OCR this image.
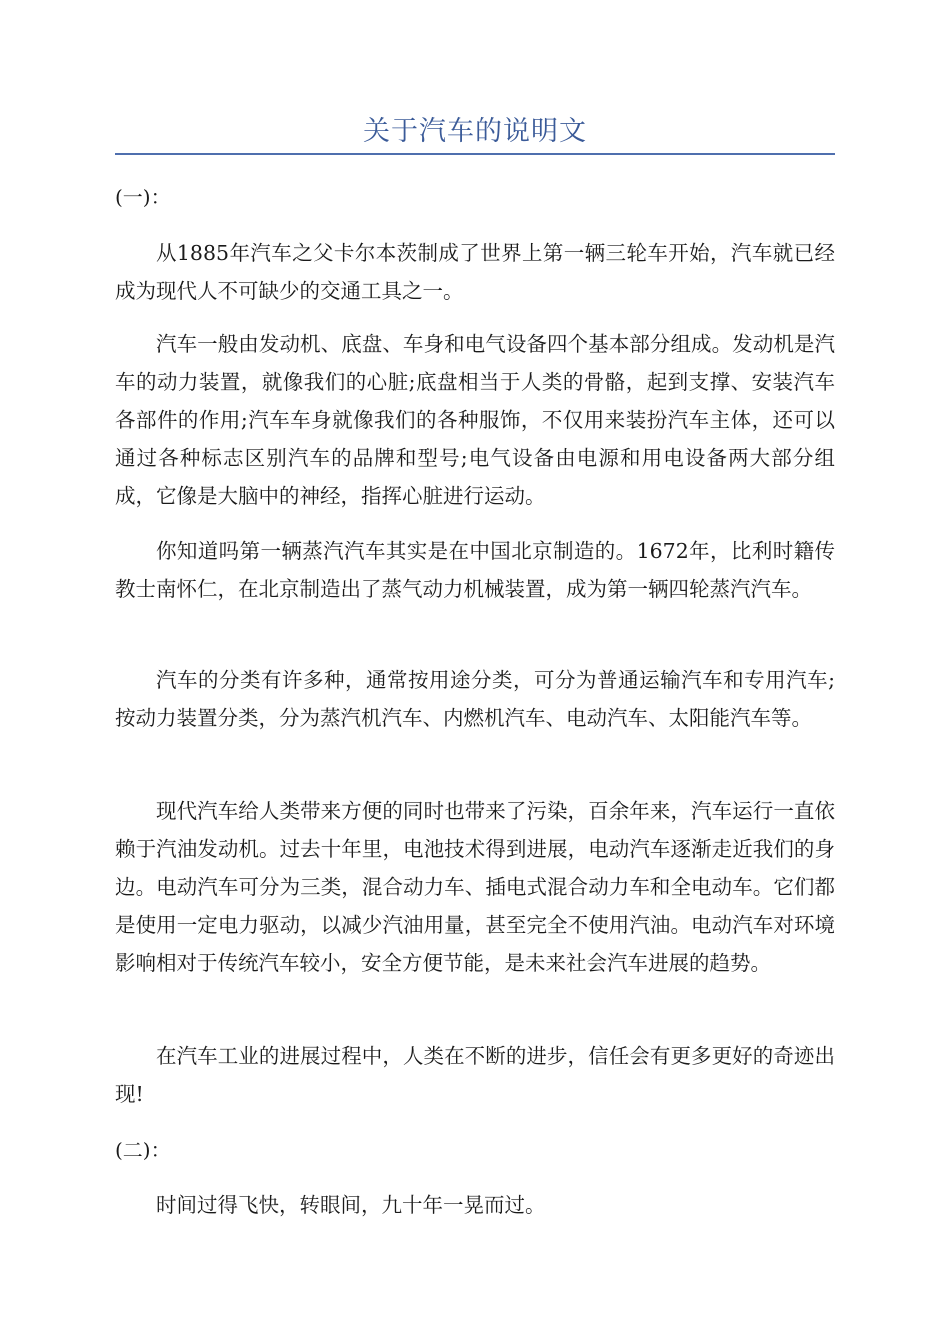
关于汽车的说明文
(一)：

从1885年汽车之父卡尔本茨制成了世界上第一辆三轮车开始，汽车就已经成为现代人不可缺少的交通工具之一。

汽车一般由发动机、底盘、车身和电气设备四个基本部分组成。发动机是汽车的动力装置，就像我们的心脏;底盘相当于人类的骨骼，起到支撑、安装汽车各部件的作用;汽车车身就像我们的各种服饰，不仅用来装扮汽车主体，还可以通过各种标志区别汽车的品牌和型号;电气设备由电源和用电设备两大部分组成，它像是大脑中的神经，指挥心脏进行运动。

你知道吗第一辆蒸汽汽车其实是在中国北京制造的。1672年，比利时籍传教士南怀仁，在北京制造出了蒸气动力机械装置，成为第一辆四轮蒸汽汽车。

汽车的分类有许多种，通常按用途分类，可分为普通运输汽车和专用汽车;按动力装置分类，分为蒸汽机汽车、内燃机汽车、电动汽车、太阳能汽车等。

现代汽车给人类带来方便的同时也带来了污染，百余年来，汽车运行一直依赖于汽油发动机。过去十年里，电池技术得到进展，电动汽车逐渐走近我们的身边。电动汽车可分为三类，混合动力车、插电式混合动力车和全电动车。它们都是使用一定电力驱动，以减少汽油用量，甚至完全不使用汽油。电动汽车对环境影响相对于传统汽车较小，安全方便节能，是未来社会汽车进展的趋势。

在汽车工业的进展过程中，人类在不断的进步，信任会有更多更好的奇迹出现!

(二)：

时间过得飞快，转眼间，九十年一晃而过。
